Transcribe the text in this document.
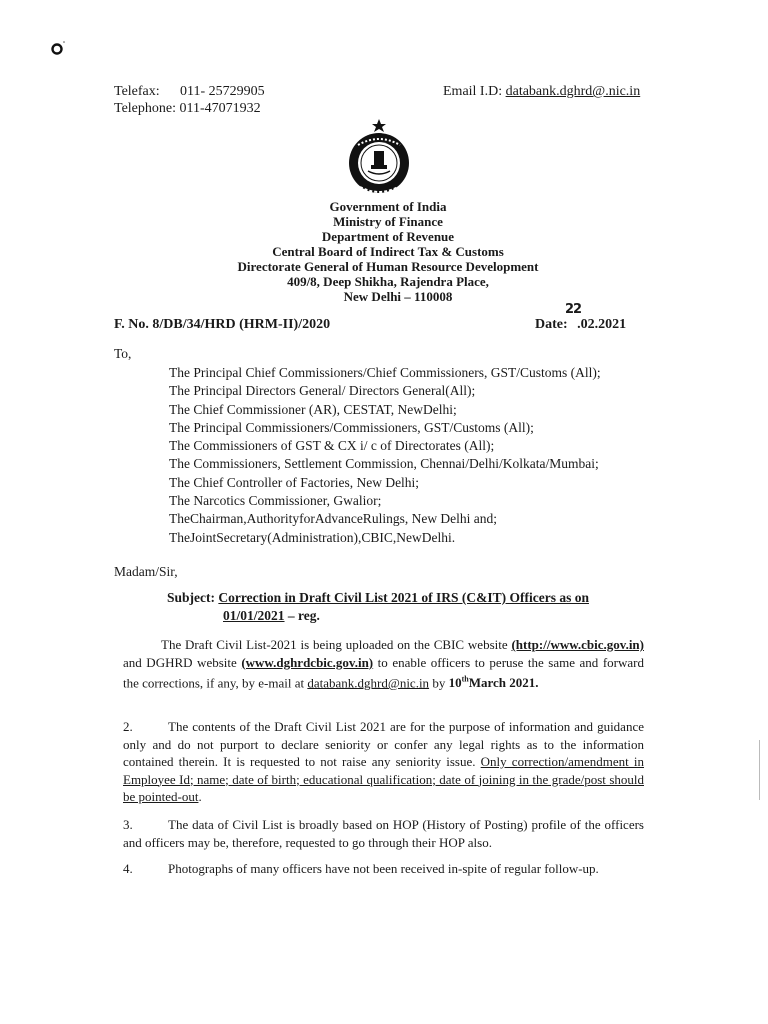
Telefax: 011- 25729905
Telephone: 011-47071932
Email I.D: databank.dghrd@.nic.in
Government of India
Ministry of Finance
Department of Revenue
Central Board of Indirect Tax & Customs
Directorate General of Human Resource Development
409/8, Deep Shikha, Rajendra Place,
New Delhi – 110008
F. No. 8/DB/34/HRD (HRM-II)/2020
22
Date: .02.2021
To,
The Principal Chief Commissioners/Chief Commissioners, GST/Customs (All);
The Principal Directors General/ Directors General(All);
The Chief Commissioner (AR), CESTAT, NewDelhi;
The Principal Commissioners/Commissioners, GST/Customs (All);
The Commissioners of GST & CX i/ c of Directorates (All);
The Commissioners, Settlement Commission, Chennai/Delhi/Kolkata/Mumbai;
The Chief Controller of Factories, New Delhi;
The Narcotics Commissioner, Gwalior;
TheChairman,AuthorityforAdvanceRulings, New Delhi and;
TheJointSecretary(Administration),CBIC,NewDelhi.
Madam/Sir,
Subject: Correction in Draft Civil List 2021 of IRS (C&IT) Officers as on
01/01/2021 – reg.
The Draft Civil List-2021 is being uploaded on the CBIC website (http://www.cbic.gov.in) and DGHRD website (www.dghrdcbic.gov.in) to enable officers to peruse the same and forward the corrections, if any, by e-mail at databank.dghrd@nic.in by 10thMarch 2021.
2.	The contents of the Draft Civil List 2021 are for the purpose of information and guidance only and do not purport to declare seniority or confer any legal rights as to the information contained therein. It is requested to not raise any seniority issue. Only correction/amendment in Employee Id; name; date of birth; educational qualification; date of joining in the grade/post should be pointed-out.
3.	The data of Civil List is broadly based on HOP (History of Posting) profile of the officers and officers may be, therefore, requested to go through their HOP also.
4.	Photographs of many officers have not been received in-spite of regular follow-up.
